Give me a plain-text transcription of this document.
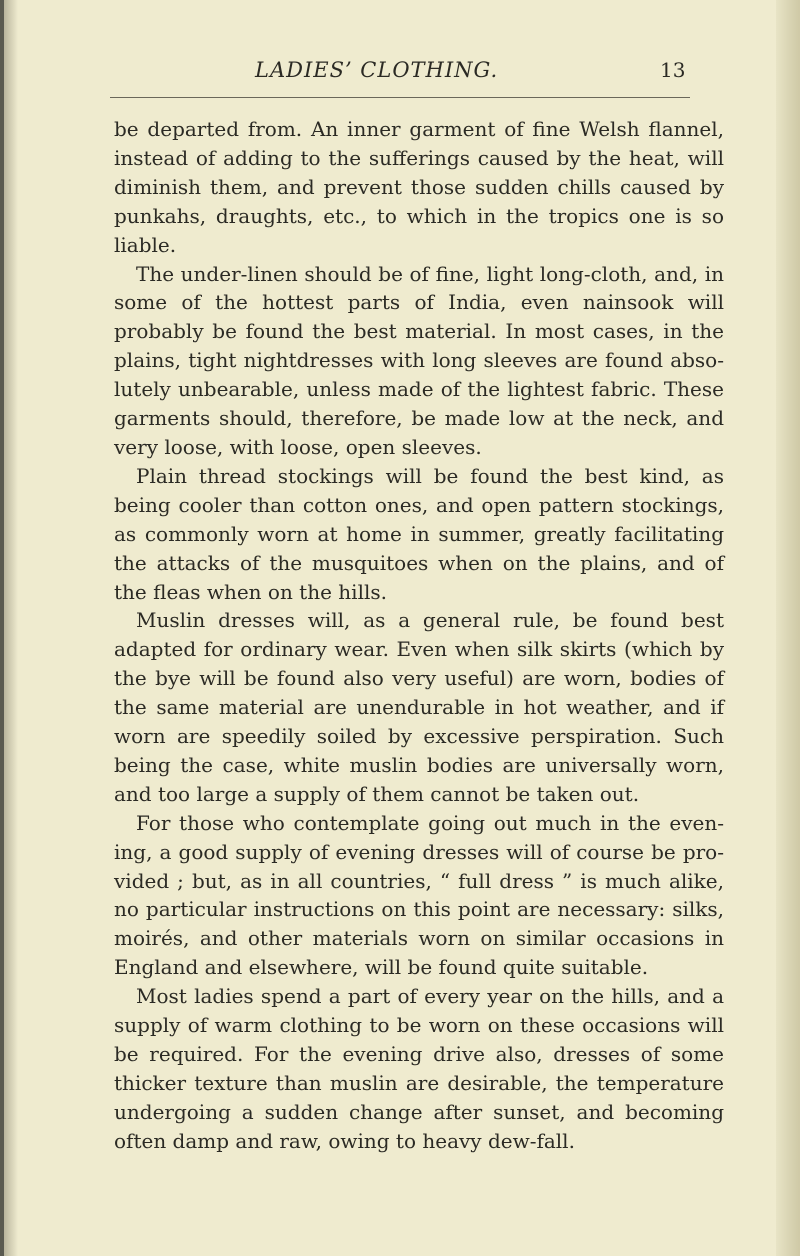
LADIES’ CLOTHING.	13

be departed from. An inner garment of fine Welsh flannel, instead of adding to the sufferings caused by the heat, will diminish them, and prevent those sudden chills caused by punkahs, draughts, etc., to which in the tropics one is so liable.

The under-linen should be of fine, light long-cloth, and, in some of the hottest parts of India, even nainsook will probably be found the best material. In most cases, in the plains, tight nightdresses with long sleeves are found absolutely unbearable, unless made of the lightest fabric. These garments should, therefore, be made low at the neck, and very loose, with loose, open sleeves.

Plain thread stockings will be found the best kind, as being cooler than cotton ones, and open pattern stockings, as commonly worn at home in summer, greatly facilitating the attacks of the musquitoes when on the plains, and of the fleas when on the hills.

Muslin dresses will, as a general rule, be found best adapted for ordinary wear. Even when silk skirts (which by the bye will be found also very useful) are worn, bodies of the same material are unendurable in hot weather, and if worn are speedily soiled by excessive perspiration. Such being the case, white muslin bodies are universally worn, and too large a supply of them cannot be taken out.

For those who contemplate going out much in the evening, a good supply of evening dresses will of course be provided ; but, as in all countries, “ full dress ” is much alike, no particular instructions on this point are necessary: silks, moirés, and other materials worn on similar occasions in England and elsewhere, will be found quite suitable.

Most ladies spend a part of every year on the hills, and a supply of warm clothing to be worn on these occasions will be required. For the evening drive also, dresses of some thicker texture than muslin are desirable, the temperature undergoing a sudden change after sunset, and becoming often damp and raw, owing to heavy dew-fall.
